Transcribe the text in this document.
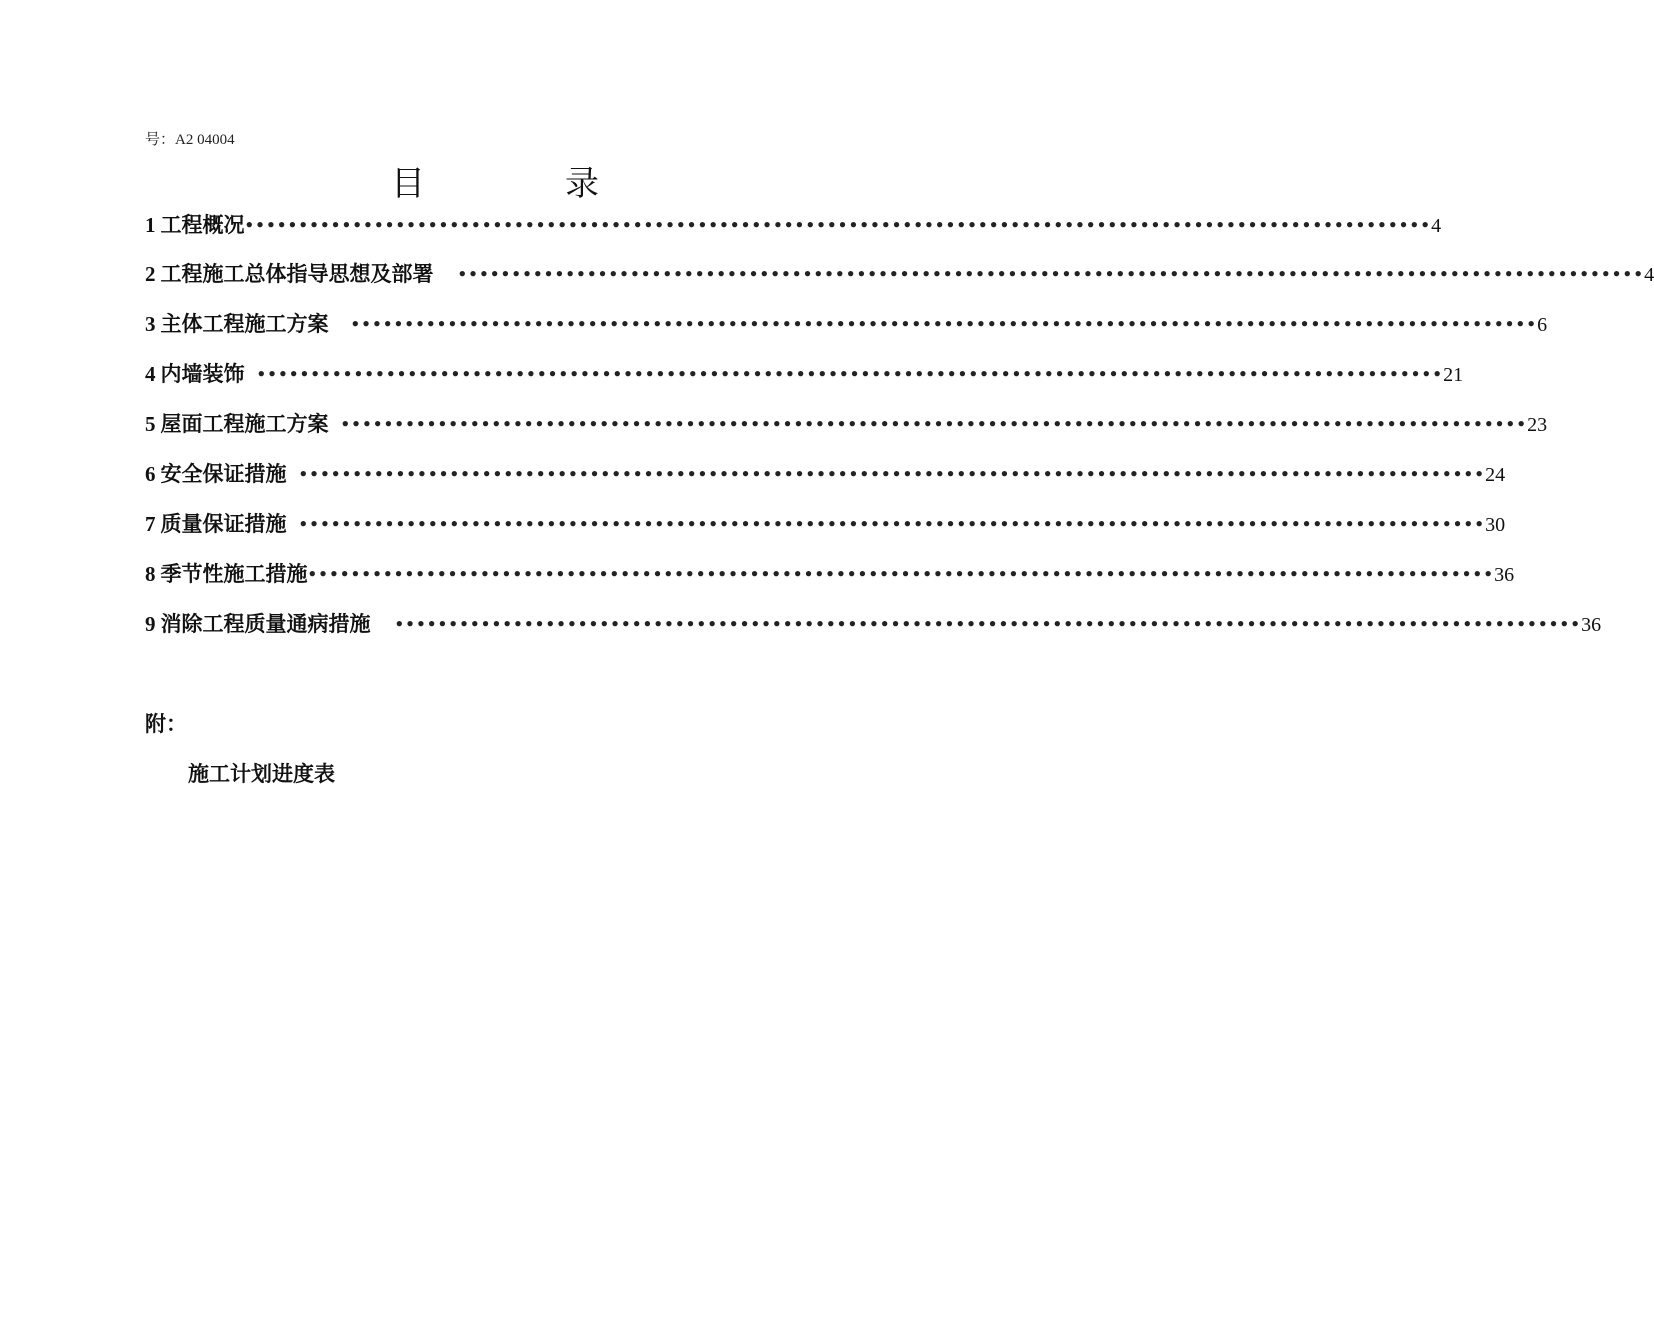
号：A2 04004
目	录
1 工程概况 •••••••••••••••••••••••••••••••••••••••••••••••••••••••••••••••••••••••••••••••••••••••••••••••••••••••••••••• 4
2 工程施工总体指导思想及部署 •••••••••••••••••••••••••••••••••••••••••••••••••••••••••••••••••••••••••••••••••••••••••••••••••••••••••••••• 4
3 主体工程施工方案 •••••••••••••••••••••••••••••••••••••••••••••••••••••••••••••••••••••••••••••••••••••••••••••••••••••••••••••• 6
4 内墙装饰 •••••••••••••••••••••••••••••••••••••••••••••••••••••••••••••••••••••••••••••••••••••••••••••••••••••••••••••• 21
5 屋面工程施工方案 •••••••••••••••••••••••••••••••••••••••••••••••••••••••••••••••••••••••••••••••••••••••••••••••••••••••••••••• 23
6 安全保证措施 •••••••••••••••••••••••••••••••••••••••••••••••••••••••••••••••••••••••••••••••••••••••••••••••••••••••••••••• 24
7 质量保证措施 •••••••••••••••••••••••••••••••••••••••••••••••••••••••••••••••••••••••••••••••••••••••••••••••••••••••••••••• 30
8 季节性施工措施 •••••••••••••••••••••••••••••••••••••••••••••••••••••••••••••••••••••••••••••••••••••••••••••••••••••••••••••• 36
9 消除工程质量通病措施 •••••••••••••••••••••••••••••••••••••••••••••••••••••••••••••••••••••••••••••••••••••••••••••••••••••••••••••• 36
附：
施工计划进度表
